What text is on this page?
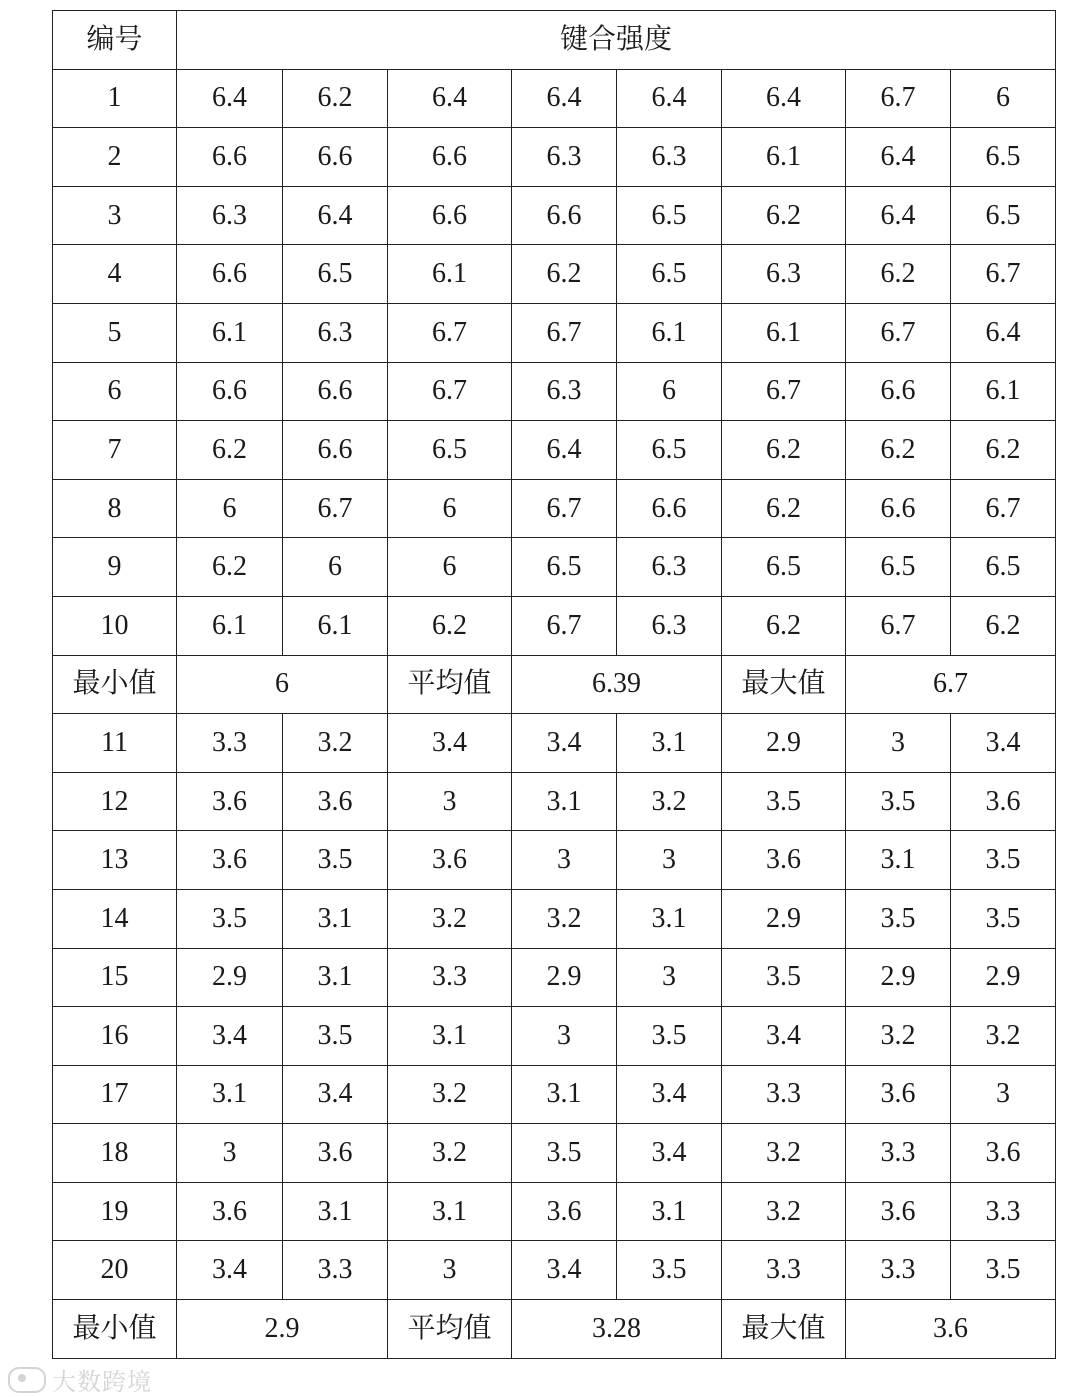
编号	键合强度							
1	6.4	6.2	6.4	6.4	6.4	6.4	6.7	6
2	6.6	6.6	6.6	6.3	6.3	6.1	6.4	6.5
3	6.3	6.4	6.6	6.6	6.5	6.2	6.4	6.5
4	6.6	6.5	6.1	6.2	6.5	6.3	6.2	6.7
5	6.1	6.3	6.7	6.7	6.1	6.1	6.7	6.4
6	6.6	6.6	6.7	6.3	6	6.7	6.6	6.1
7	6.2	6.6	6.5	6.4	6.5	6.2	6.2	6.2
8	6	6.7	6	6.7	6.6	6.2	6.6	6.7
9	6.2	6	6	6.5	6.3	6.5	6.5	6.5
10	6.1	6.1	6.2	6.7	6.3	6.2	6.7	6.2
最小值	6		平均值	6.39		最大值	6.7	
11	3.3	3.2	3.4	3.4	3.1	2.9	3	3.4
12	3.6	3.6	3	3.1	3.2	3.5	3.5	3.6
13	3.6	3.5	3.6	3	3	3.6	3.1	3.5
14	3.5	3.1	3.2	3.2	3.1	2.9	3.5	3.5
15	2.9	3.1	3.3	2.9	3	3.5	2.9	2.9
16	3.4	3.5	3.1	3	3.5	3.4	3.2	3.2
17	3.1	3.4	3.2	3.1	3.4	3.3	3.6	3
18	3	3.6	3.2	3.5	3.4	3.2	3.3	3.6
19	3.6	3.1	3.1	3.6	3.1	3.2	3.6	3.3
20	3.4	3.3	3	3.4	3.5	3.3	3.3	3.5
最小值	2.9		平均值	3.28		最大值	3.6	
大数跨境
